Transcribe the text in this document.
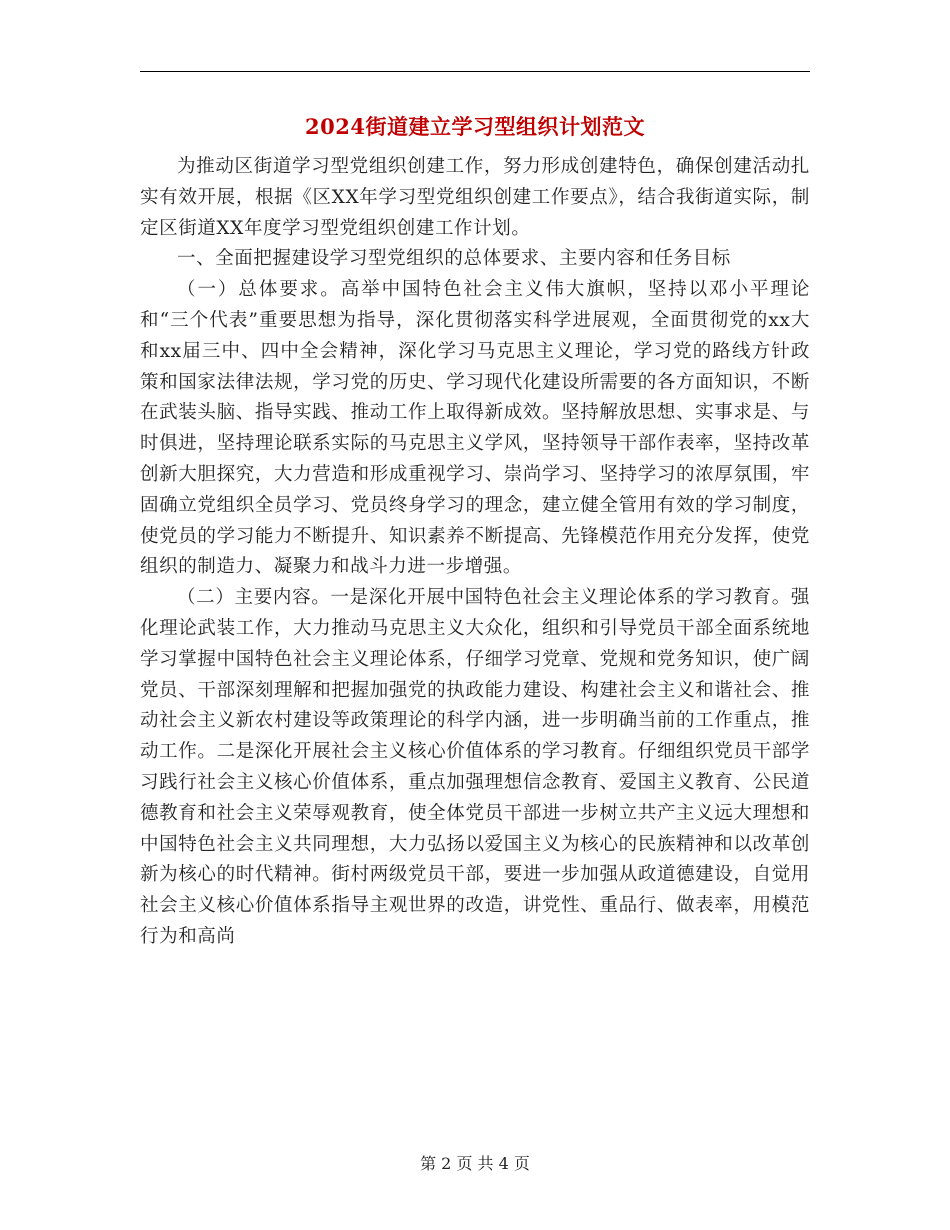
2024街道建立学习型组织计划范文

为推动区街道学习型党组织创建工作，努力形成创建特色，确保创建活动扎实有效开展，根据《区XX年学习型党组织创建工作要点》，结合我街道实际，制定区街道XX年度学习型党组织创建工作计划。

一、全面把握建设学习型党组织的总体要求、主要内容和任务目标

（一）总体要求。高举中国特色社会主义伟大旗帜，坚持以邓小平理论和“三个代表”重要思想为指导，深化贯彻落实科学进展观，全面贯彻党的xx大和xx届三中、四中全会精神，深化学习马克思主义理论，学习党的路线方针政策和国家法律法规，学习党的历史、学习现代化建设所需要的各方面知识，不断在武装头脑、指导实践、推动工作上取得新成效。坚持解放思想、实事求是、与时俱进，坚持理论联系实际的马克思主义学风，坚持领导干部作表率，坚持改革创新大胆探究，大力营造和形成重视学习、崇尚学习、坚持学习的浓厚氛围，牢固确立党组织全员学习、党员终身学习的理念，建立健全管用有效的学习制度，使党员的学习能力不断提升、知识素养不断提高、先锋模范作用充分发挥，使党组织的制造力、凝聚力和战斗力进一步增强。

（二）主要内容。一是深化开展中国特色社会主义理论体系的学习教育。强化理论武装工作，大力推动马克思主义大众化，组织和引导党员干部全面系统地学习掌握中国特色社会主义理论体系，仔细学习党章、党规和党务知识，使广阔党员、干部深刻理解和把握加强党的执政能力建设、构建社会主义和谐社会、推动社会主义新农村建设等政策理论的科学内涵，进一步明确当前的工作重点，推动工作。二是深化开展社会主义核心价值体系的学习教育。仔细组织党员干部学习践行社会主义核心价值体系，重点加强理想信念教育、爱国主义教育、公民道德教育和社会主义荣辱观教育，使全体党员干部进一步树立共产主义远大理想和中国特色社会主义共同理想，大力弘扬以爱国主义为核心的民族精神和以改革创新为核心的时代精神。街村两级党员干部，要进一步加强从政道德建设，自觉用社会主义核心价值体系指导主观世界的改造，讲党性、重品行、做表率，用模范行为和高尚

第 2 页 共 4 页
